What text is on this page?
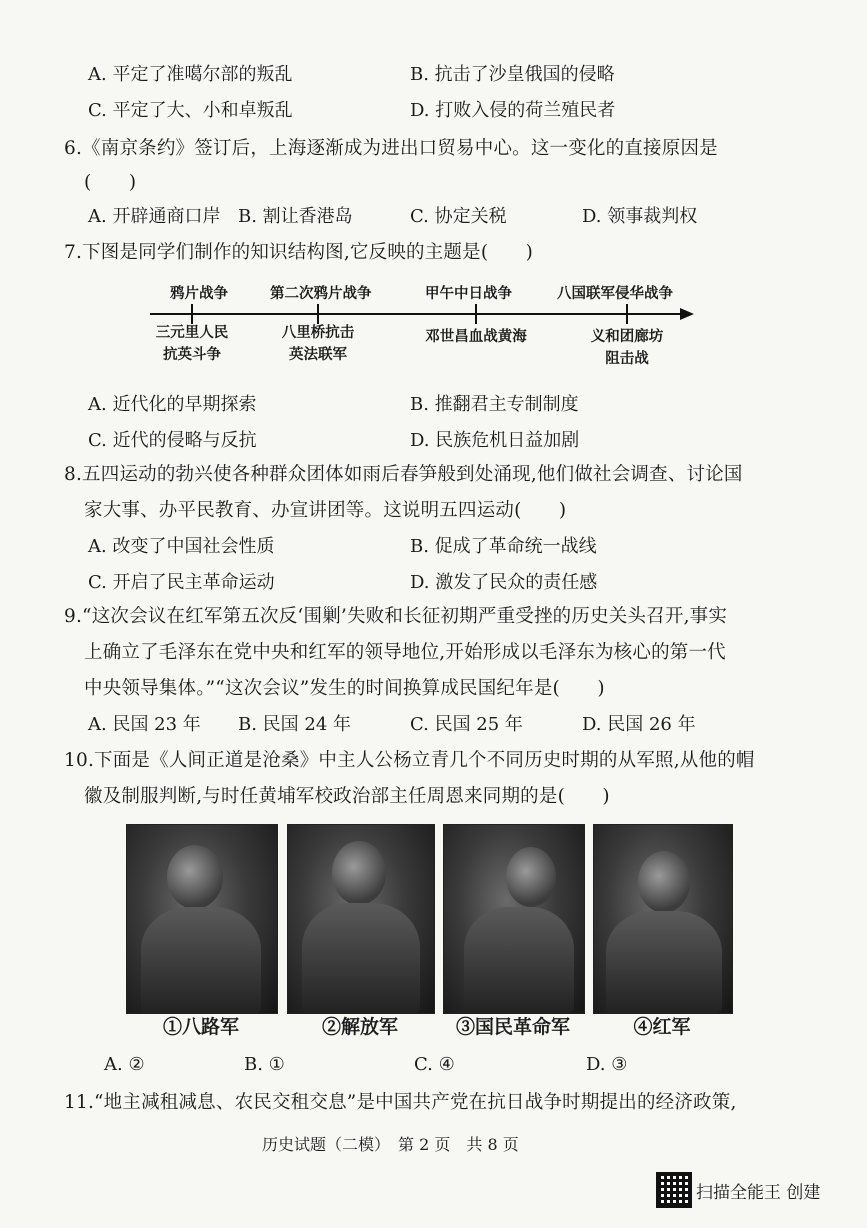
A. 平定了准噶尔部的叛乱	B. 抗击了沙皇俄国的侵略
C. 平定了大、小和卓叛乱	D. 打败入侵的荷兰殖民者
6.《南京条约》签订后，上海逐渐成为进出口贸易中心。这一变化的直接原因是
(　　)
A. 开辟通商口岸 B. 割让香港岛	C. 协定关税	D. 领事裁判权
7.下图是同学们制作的知识结构图,它反映的主题是(　　)
鸦片战争	第二次鸦片战争	甲午中日战争	八国联军侵华战争
三元里人民
抗英斗争
八里桥抗击
英法联军
邓世昌血战黄海	义和团廊坊
阻击战
A. 近代化的早期探索	B. 推翻君主专制制度
C. 近代的侵略与反抗	D. 民族危机日益加剧
8.五四运动的勃兴使各种群众团体如雨后春笋般到处涌现,他们做社会调查、讨论国
家大事、办平民教育、办宣讲团等。这说明五四运动(　　)
A. 改变了中国社会性质	B. 促成了革命统一战线
C. 开启了民主革命运动	D. 激发了民众的责任感
9.“这次会议在红军第五次反‘围剿’失败和长征初期严重受挫的历史关头召开,事实
上确立了毛泽东在党中央和红军的领导地位,开始形成以毛泽东为核心的第一代
中央领导集体。”“这次会议”发生的时间换算成民国纪年是(　　)
A. 民国 23 年 B. 民国 24 年	C. 民国 25 年	D. 民国 26 年
10.下面是《人间正道是沧桑》中主人公杨立青几个不同历史时期的从军照,从他的帽
徽及制服判断,与时任黄埔军校政治部主任周恩来同期的是(　　)
①八路军	②解放军	③国民革命军	④红军
A. ②	B. ①	C. ④	D. ③
11.“地主减租减息、农民交租交息”是中国共产党在抗日战争时期提出的经济政策,
历史试题（二模）　第 2 页　共 8 页
扫描全能王 创建
